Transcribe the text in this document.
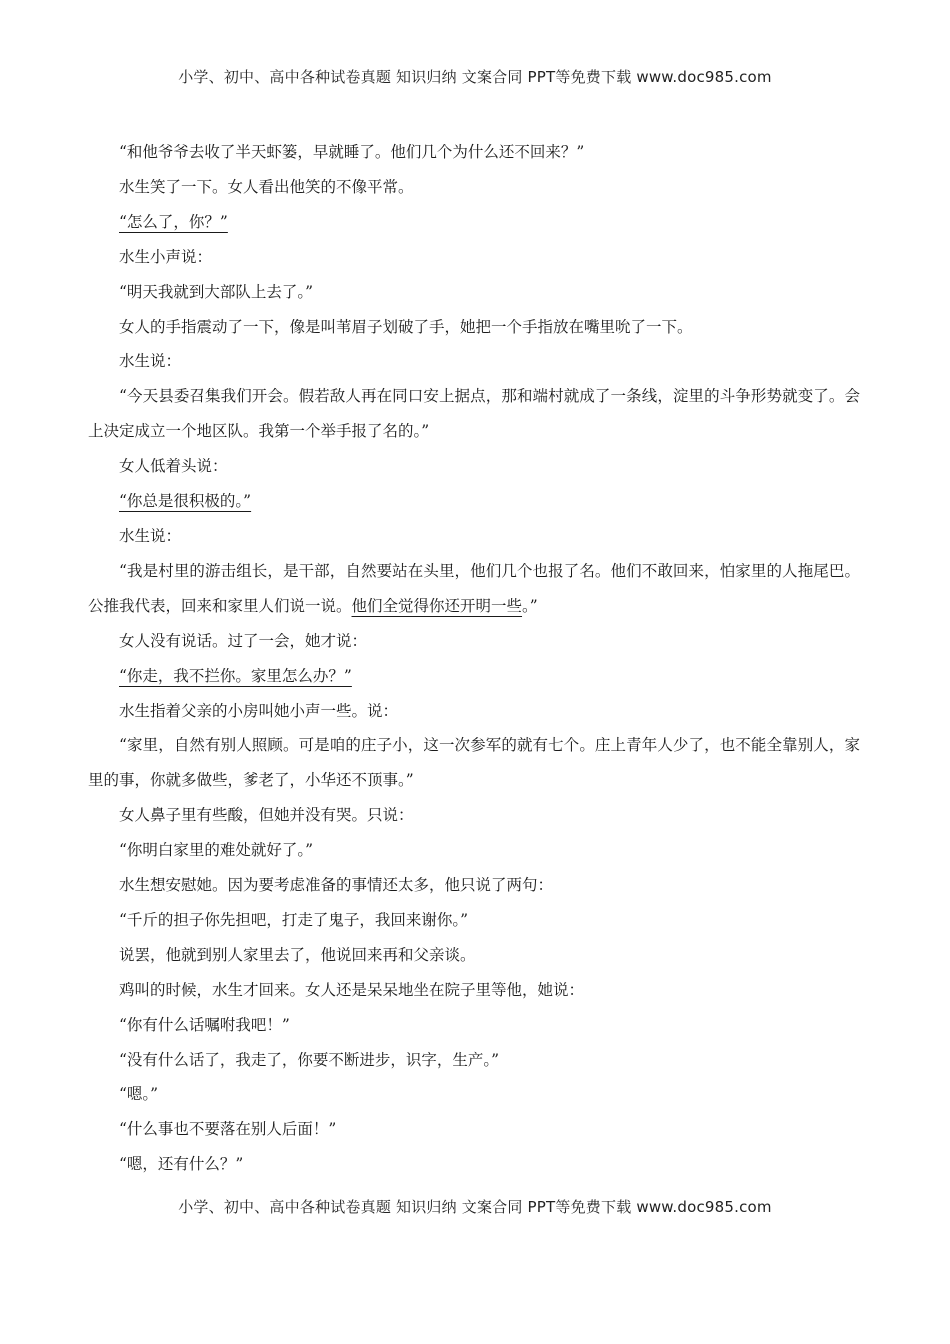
小学、初中、高中各种试卷真题 知识归纳 文案合同 PPT等免费下载 www.doc985.com

“和他爷爷去收了半天虾篓，早就睡了。他们几个为什么还不回来？”

水生笑了一下。女人看出他笑的不像平常。

“怎么了，你？”

水生小声说：

“明天我就到大部队上去了。”

女人的手指震动了一下，像是叫苇眉子划破了手，她把一个手指放在嘴里吮了一下。

水生说：

“今天县委召集我们开会。假若敌人再在同口安上据点，那和端村就成了一条线，淀里的斗争形势就变了。会上决定成立一个地区队。我第一个举手报了名的。”

女人低着头说：

“你总是很积极的。”

水生说：

“我是村里的游击组长，是干部，自然要站在头里，他们几个也报了名。他们不敢回来，怕家里的人拖尾巴。公推我代表，回来和家里人们说一说。他们全觉得你还开明一些。”

女人没有说话。过了一会，她才说：

“你走，我不拦你。家里怎么办？”

水生指着父亲的小房叫她小声一些。说：

“家里，自然有别人照顾。可是咱的庄子小，这一次参军的就有七个。庄上青年人少了，也不能全靠别人，家里的事，你就多做些，爹老了，小华还不顶事。”

女人鼻子里有些酸，但她并没有哭。只说：

“你明白家里的难处就好了。”

水生想安慰她。因为要考虑准备的事情还太多，他只说了两句：

“千斤的担子你先担吧，打走了鬼子，我回来谢你。”

说罢，他就到别人家里去了，他说回来再和父亲谈。

鸡叫的时候，水生才回来。女人还是呆呆地坐在院子里等他，她说：

“你有什么话嘱咐我吧！”

“没有什么话了，我走了，你要不断进步，识字，生产。”

“嗯。”

“什么事也不要落在别人后面！”

“嗯，还有什么？”

小学、初中、高中各种试卷真题 知识归纳 文案合同 PPT等免费下载 www.doc985.com
